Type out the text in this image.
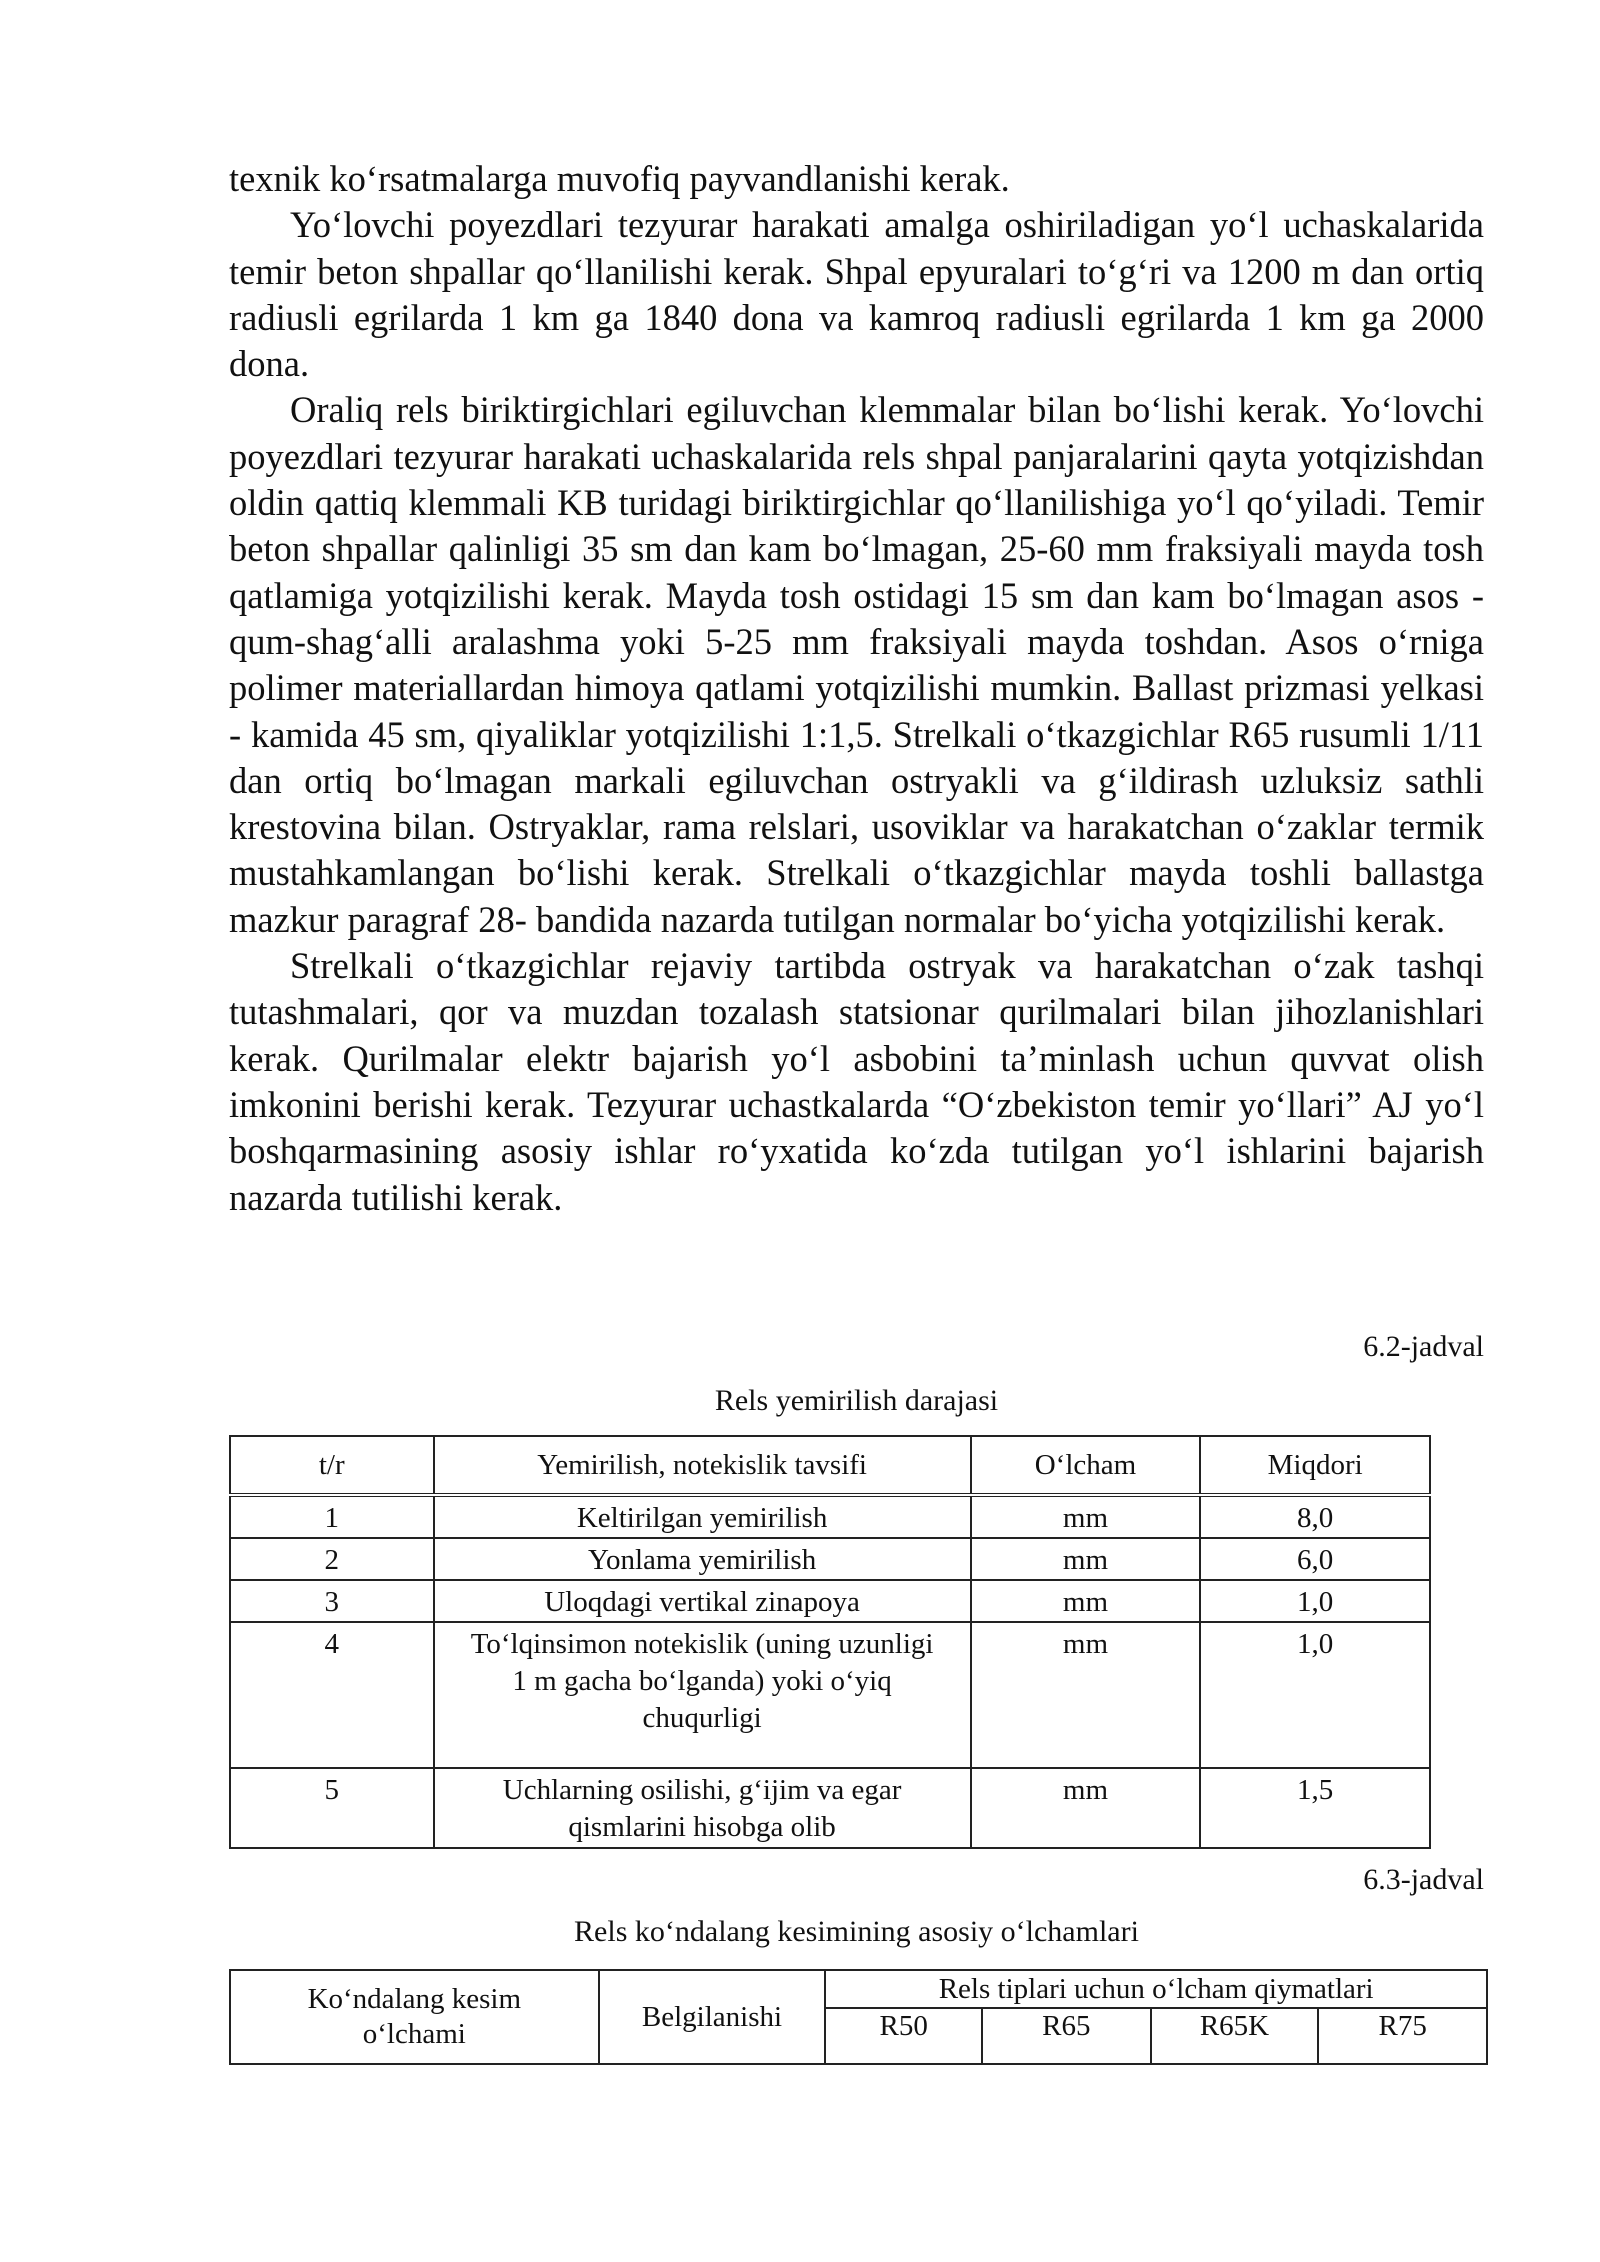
texnik ko‘rsatmalarga muvofiq payvandlanishi kerak.

Yo‘lovchi poyezdlari tezyurar harakati amalga oshiriladigan yo‘l uchaskalarida temir beton shpallar qo‘llanilishi kerak. Shpal epyuralari to‘g‘ri va 1200 m dan ortiq radiusli egrilarda 1 km ga 1840 dona va kamroq radiusli egrilarda 1 km ga 2000 dona.

Oraliq rels biriktirgichlari egiluvchan klemmalar bilan bo‘lishi kerak. Yo‘lovchi poyezdlari tezyurar harakati uchaskalarida rels shpal panjaralarini qayta yotqizishdan oldin qattiq klemmali KB turidagi biriktirgichlar qo‘llanilishiga yo‘l qo‘yiladi. Temir beton shpallar qalinligi 35 sm dan kam bo‘lmagan, 25-60 mm fraksiyali mayda tosh qatlamiga yotqizilishi kerak. Mayda tosh ostidagi 15 sm dan kam bo‘lmagan asos - qum-shag‘alli aralashma yoki 5-25 mm fraksiyali mayda toshdan. Asos o‘rniga polimer materiallardan himoya qatlami yotqizilishi mumkin. Ballast prizmasi yelkasi - kamida 45 sm, qiyaliklar yotqizilishi 1:1,5. Strelkali o‘tkazgichlar R65 rusumli 1/11 dan ortiq bo‘lmagan markali egiluvchan ostryakli va g‘ildirash uzluksiz sathli krestovina bilan. Ostryaklar, rama relslari, usoviklar va harakatchan o‘zaklar termik mustahkamlangan bo‘lishi kerak. Strelkali o‘tkazgichlar mayda toshli ballastga mazkur paragraf 28- bandida nazarda tutilgan normalar bo‘yicha yotqizilishi kerak.

Strelkali o‘tkazgichlar rejaviy tartibda ostryak va harakatchan o‘zak tashqi tutashmalari, qor va muzdan tozalash statsionar qurilmalari bilan jihozlanishlari kerak. Qurilmalar elektr bajarish yo‘l asbobini ta’minlash uchun quvvat olish imkonini berishi kerak. Tezyurar uchastkalarda “O‘zbekiston temir yo‘llari” AJ yo‘l boshqarmasining asosiy ishlar ro‘yxatida ko‘zda tutilgan yo‘l ishlarini bajarish nazarda tutilishi kerak.

6.2-jadval
Rels yemirilish darajasi
t/r	Yemirilish, notekislik tavsifi	O‘lcham	Miqdori
1	Keltirilgan yemirilish	mm	8,0
2	Yonlama yemirilish	mm	6,0
3	Uloqdagi vertikal zinapoya	mm	1,0
4	To‘lqinsimon notekislik (uning uzunligi 1 m gacha bo‘lganda) yoki o‘yiq chuqurligi	mm	1,0
5	Uchlarning osilishi, g‘ijim va egar qismlarini hisobga olib	mm	1,5
6.3-jadval
Rels ko‘ndalang kesimining asosiy o‘lchamlari
Ko‘ndalang kesim o‘lchami	Belgilanishi	Rels tiplari uchun o‘lcham qiymatlari			
		R50	R65	R65K	R75
